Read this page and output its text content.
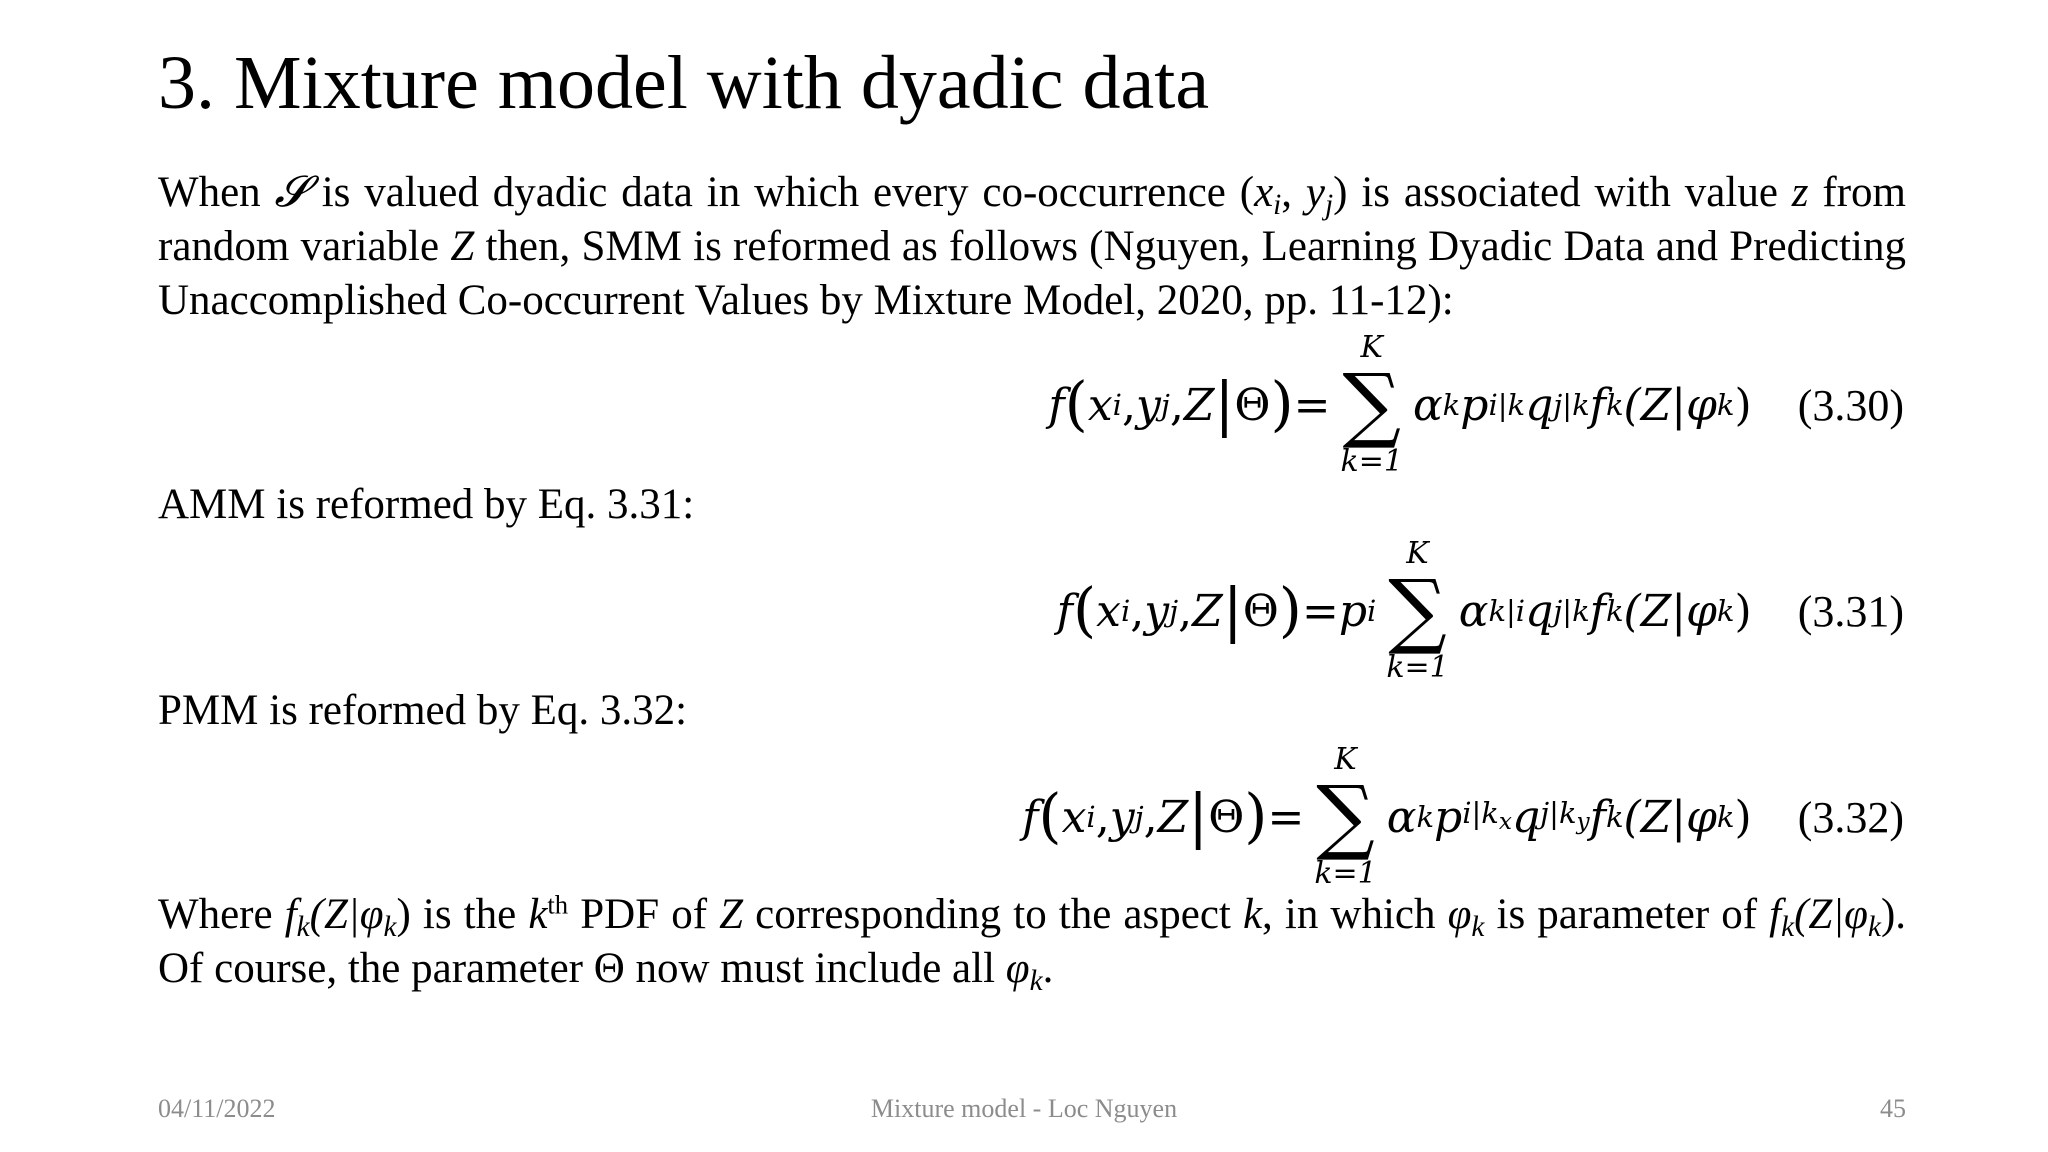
3. Mixture model with dyadic data
When 𝓢 is valued dyadic data in which every co-occurrence ($x_i$, $y_j$) is associated with value z from random variable Z then, SMM is reformed as follows (Nguyen, Learning Dyadic Data and Predicting Unaccomplished Co-occurrent Values by Mixture Model, 2020, pp. 11-12):
f ( x i , y j , Z | Θ ) =
K
∑
k=1
α k p i|k q j|k f k (Z| φ k ) (3.30)
AMM is reformed by Eq. 3.31:
f ( x i , y j , Z | Θ ) = p i
K
∑
k=1
α k|i q j|k f k (Z| φ k ) (3.31)
PMM is reformed by Eq. 3.32:
f ( x i , y j , Z | Θ ) =
K
∑
k=1
α k p $i|k_x$ q $j|k_y$ f k (Z| φ k ) (3.32)
Where $f_k(Z|\varphi_k)$ is the $k^{th}$ PDF of Z corresponding to the aspect k, in which $\varphi_k$ is parameter of $f_k(Z|\varphi_k)$. Of course, the parameter Θ now must include all $\varphi_k$.
04/11/2022	Mixture model - Loc Nguyen	45
